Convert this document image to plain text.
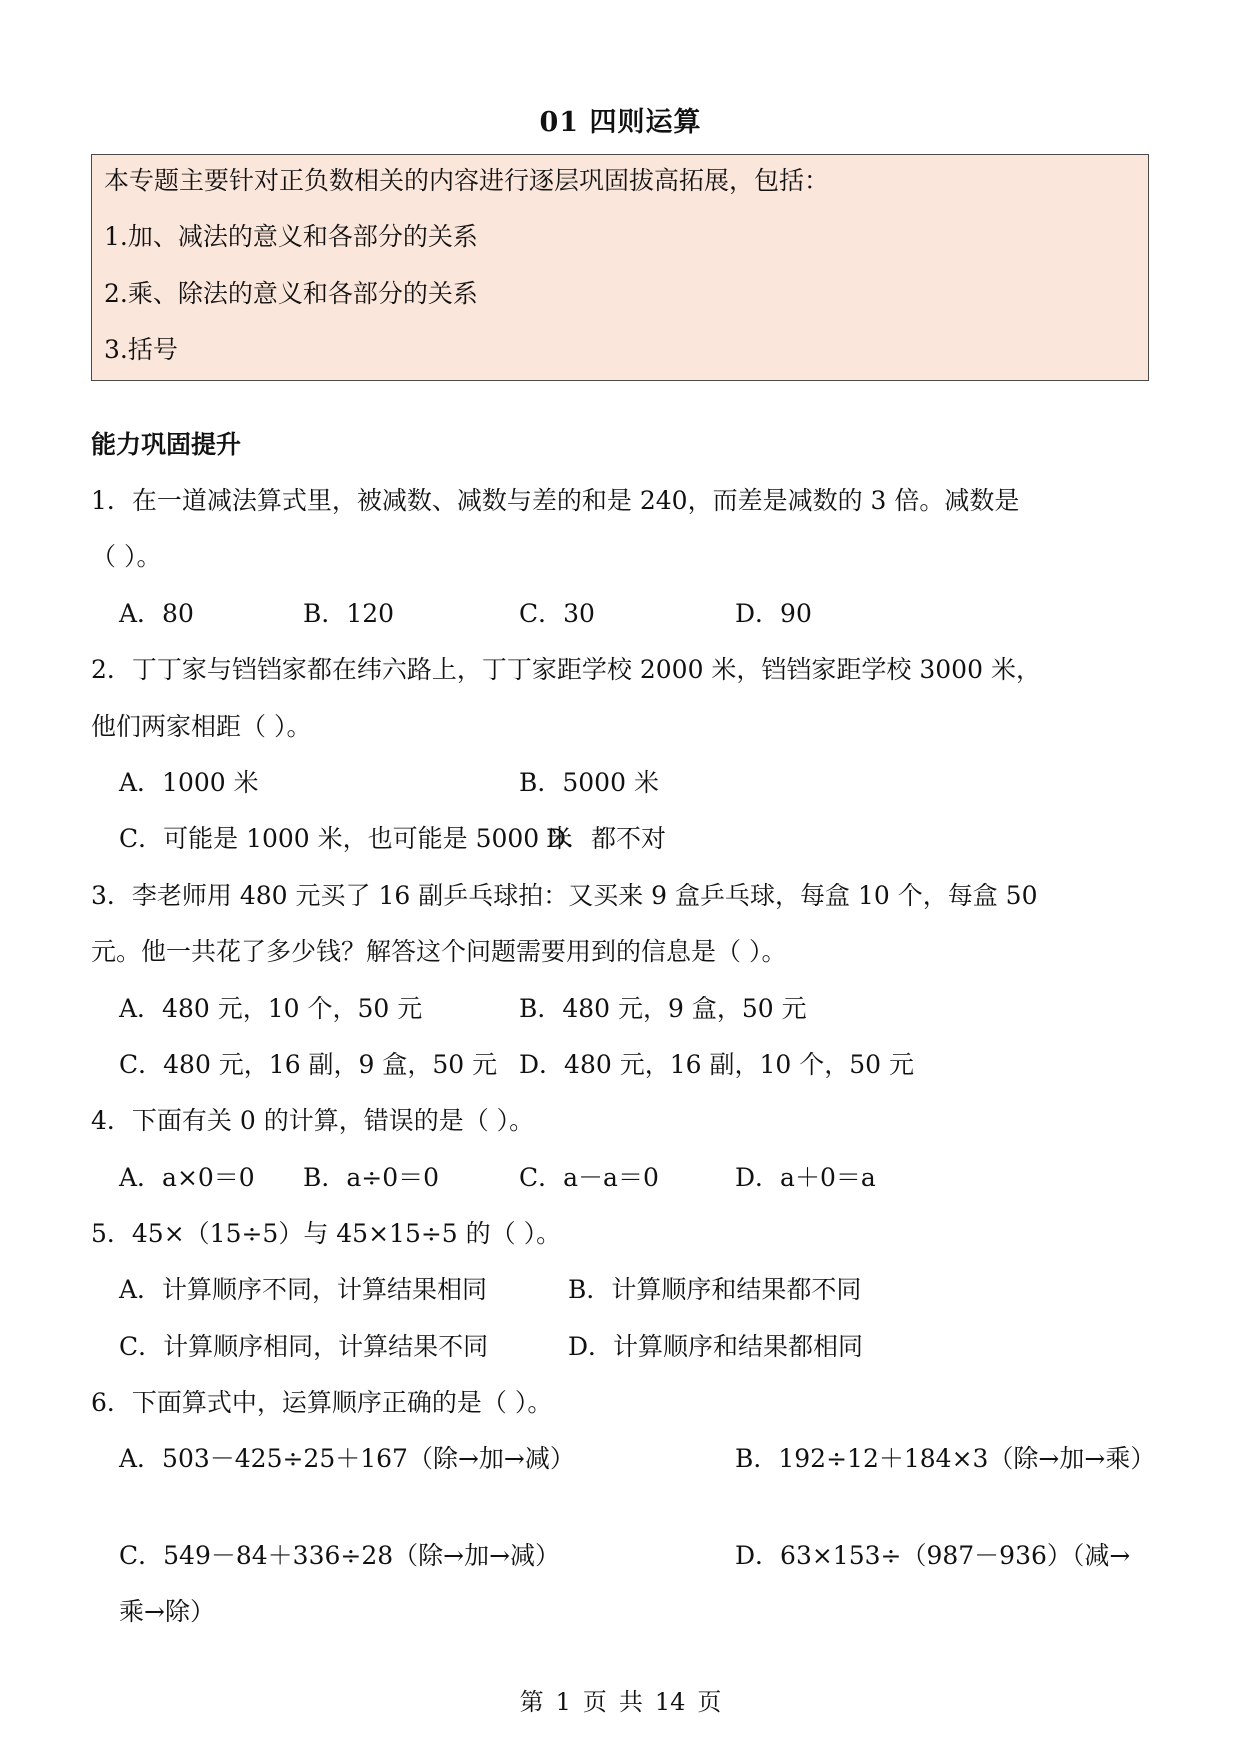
01 四则运算
本专题主要针对正负数相关的内容进行逐层巩固拔高拓展，包括：
1.加、减法的意义和各部分的关系
2.乘、除法的意义和各部分的关系
3.括号
能力巩固提升
1．在一道减法算式里，被减数、减数与差的和是 240，而差是减数的 3 倍。减数是
（ ）。
A．80	B．120	C．30	D．90
2．丁丁家与铛铛家都在纬六路上，丁丁家距学校 2000 米，铛铛家距学校 3000 米，
他们两家相距（ ）。
A．1000 米	B．5000 米
C．可能是 1000 米，也可能是 5000 米
D．都不对
3．李老师用 480 元买了 16 副乒乓球拍：又买来 9 盒乒乓球，每盒 10 个，每盒 50
元。他一共花了多少钱？解答这个问题需要用到的信息是（ ）。
A．480 元，10 个，50 元	B．480 元，9 盒，50 元
C．480 元，16 副，9 盒，50 元 D．480 元，16 副，10 个，50 元
4．下面有关 0 的计算，错误的是（ ）。
A．a×0＝0 B．a÷0＝0	C．a－a＝0	D．a＋0＝a
5．45×（15÷5）与 45×15÷5 的（ ）。
A．计算顺序不同，计算结果相同	B．计算顺序和结果都不同
C．计算顺序相同，计算结果不同	D．计算顺序和结果都相同
6．下面算式中，运算顺序正确的是（ ）。
A．503－425÷25＋167（除→加→减）	B．192÷12＋184×3（除→加→乘）
C．549－84＋336÷28（除→加→减）	D．63×153÷（987－936）（减→
乘→除）
第 1 页 共 14 页
